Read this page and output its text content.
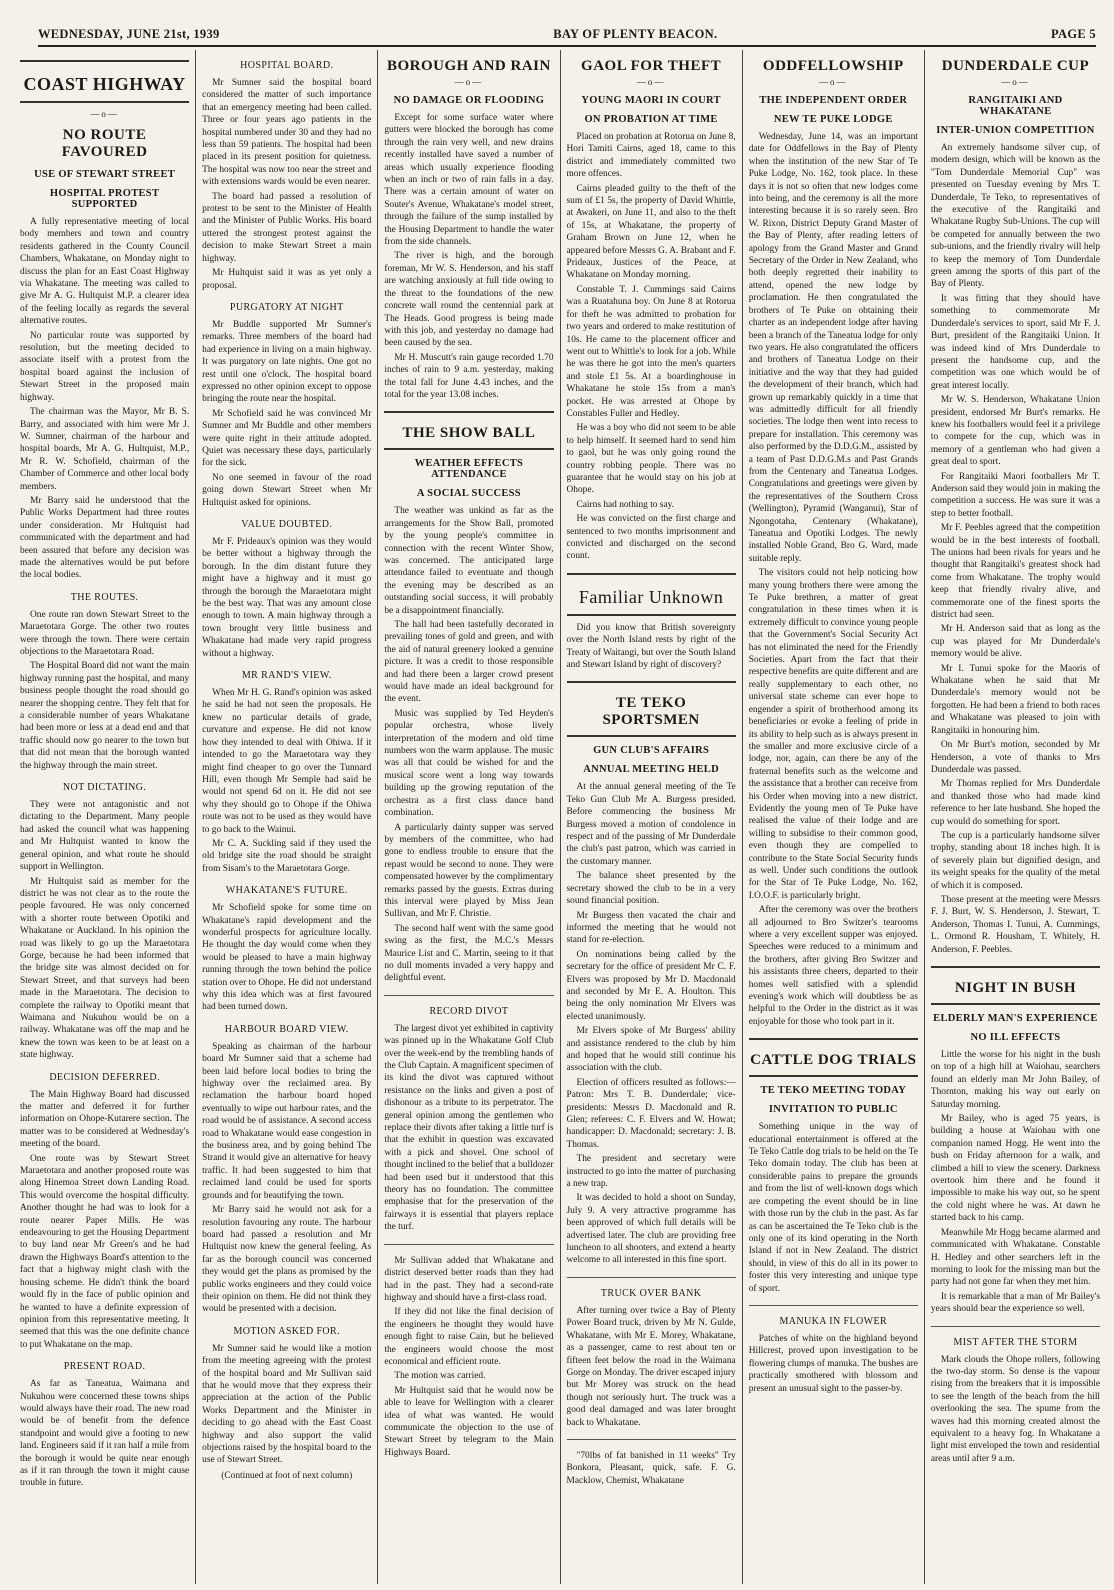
WEDNESDAY, JUNE 21st, 1939	BAY OF PLENTY BEACON.	PAGE 5
COAST HIGHWAY
—o—
NO ROUTE FAVOURED
USE OF STEWART STREET
HOSPITAL PROTEST SUPPORTED

A fully representative meeting of local body members and town and country residents gathered in the County Council Chambers, Whakatane, on Monday night to discuss the plan for an East Coast Highway via Whakatane. The meeting was called to give Mr A. G. Hultquist M.P. a clearer idea of the feeling locally as regards the several alternative routes.

No particular route was supported by resolution, but the meeting decided to associate itself with a protest from the hospital board against the inclusion of Stewart Street in the proposed main highway.

The chairman was the Mayor, Mr B. S. Barry, and associated with him were Mr J. W. Sumner, chairman of the harbour and hospital boards, Mr A. G. Hultquist, M.P., Mr R. W. Schofield, chairman of the Chamber of Commerce and other local body members.

Mr Barry said he understood that the Public Works Department had three routes under consideration. Mr Hultquist had communicated with the department and had been assured that before any decision was made the alternatives would be put before the local bodies.

THE ROUTES.

One route ran down Stewart Street to the Maraetotara Gorge. The other two routes were through the town. There were certain objections to the Maraetotara Road.

The Hospital Board did not want the main highway running past the hospital, and many business people thought the road should go nearer the shopping centre. They felt that for a considerable number of years Whakatane had been more or less at a dead end and that traffic should now go nearer to the town but that did not mean that the borough wanted the highway through the main street.

NOT DICTATING.

They were not antagonistic and not dictating to the Department. Many people had asked the council what was happening and Mr Hultquist wanted to know the general opinion, and what route he should support in Wellington.

Mr Hultquist said as member for the district he was not clear as to the route the people favoured. He was only concerned with a shorter route between Opotiki and Whakatane or Auckland. In his opinion the road was likely to go up the Maraetotara Gorge, because he had been informed that the bridge site was almost decided on for Stewart Street, and that surveys had been made in the Maraetotara. The decision to complete the railway to Opotiki meant that Waimana and Nukuhou would be on a railway. Whakatane was off the map and he knew the town was keen to be at least on a state highway.

DECISION DEFERRED.

The Main Highway Board had discussed the matter and deferred it for further information on Ohope-Kutarere section. The matter was to be considered at Wednesday's meeting of the board.

One route was by Stewart Street Maraetotara and another proposed route was along Hinemoa Street down Landing Road. This would overcome the hospital difficulty. Another thought he had was to look for a route nearer Paper Mills. He was endeavouring to get the Housing Department to buy land near Mr Green's and he had drawn the Highways Board's attention to the fact that a highway might clash with the housing scheme. He didn't think the board would fly in the face of public opinion and he wanted to have a definite expression of opinion from this representative meeting. It seemed that this was the one definite chance to put Whakatane on the map.

PRESENT ROAD.

As far as Taneatua, Waimana and Nukuhou were concerned these towns ships would always have their road. The new road would be of benefit from the defence standpoint and would give a footing to new land. Engineers said if it ran half a mile from the borough it would be quite near enough as if it ran through the town it might cause trouble in future.

HOSPITAL BOARD.

Mr Sumner said the hospital board considered the matter of such importance that an emergency meeting had been called. Three or four years ago patients in the hospital numbered under 30 and they had no less than 59 patients. The hospital had been placed in its present position for quietness. The hospital was now too near the street and with extensions wards would be even nearer.

The board had passed a resolution of protest to be sent to the Minister of Health and the Minister of Public Works. His board uttered the strongest protest against the decision to make Stewart Street a main highway.

Mr Hultquist said it was as yet only a proposal.

PURGATORY AT NIGHT

Mr Buddle supported Mr Sumner's remarks. Three members of the board had had experience in living on a main highway. It was purgatory on late nights. One got no rest until one o'clock. The hospital board expressed no other opinion except to oppose bringing the route near the hospital.

Mr Schofield said he was convinced Mr Sumner and Mr Buddle and other members were quite right in their attitude adopted. Quiet was necessary these days, particularly for the sick.

No one seemed in favour of the road going down Stewart Street when Mr Hultquist asked for opinions.

VALUE DOUBTED.

Mr F. Prideaux's opinion was they would be better without a highway through the borough. In the dim distant future they might have a highway and it must go through the borough the Maraetotara might be the best way. That was any amount close enough to town. A main highway through a town brought very little business and Whakatane had made very rapid progress without a highway.

MR RAND'S VIEW.

When Mr H. G. Rand's opinion was asked he said he had not seen the proposals. He knew no particular details of grade, curvature and expense. He did not know how they intended to deal with Ohiwa. If it intended to go the Maraetotara way they might find cheaper to go over the Tunnard Hill, even though Mr Semple had said he would not spend 6d on it. He did not see why they should go to Ohope if the Ohiwa route was not to be used as they would have to go back to the Wainui.

Mr C. A. Suckling said if they used the old bridge site the road should be straight from Sisam's to the Maraetotara Gorge.

WHAKATANE'S FUTURE.

Mr Schofield spoke for some time on Whakatane's rapid development and the wonderful prospects for agriculture locally. He thought the day would come when they would be pleased to have a main highway running through the town behind the police station over to Ohope. He did not understand why this idea which was at first favoured had been turned down.

HARBOUR BOARD VIEW.

Speaking as chairman of the harbour board Mr Sumner said that a scheme had been laid before local bodies to bring the highway over the reclaimed area. By reclamation the harbour board hoped eventually to wipe out harbour rates, and the road would be of assistance. A second access road to Whakatane would ease congestion in the business area, and by going behind The Strand it would give an alternative for heavy traffic. It had been suggested to him that reclaimed land could be used for sports grounds and for beautifying the town.

Mr Barry said he would not ask for a resolution favouring any route. The harbour board had passed a resolution and Mr Hultquist now knew the general feeling. As far as the borough council was concerned they would get the plans as promised by the public works engineers and they could voice their opinion on them. He did not think they would be presented with a decision.

MOTION ASKED FOR.

Mr Sumner said he would like a motion from the meeting agreeing with the protest of the hospital board and Mr Sullivan said that he would move that they express their appreciation at the action of the Public Works Department and the Minister in deciding to go ahead with the East Coast highway and also support the valid objections raised by the hospital board to the use of Stewart Street.

(Continued at foot of next column)
BOROUGH AND RAIN
—o—
NO DAMAGE OR FLOODING

Except for some surface water where gutters were blocked the borough has come through the rain very well, and new drains recently installed have saved a number of areas which usually experience flooding when an inch or two of rain falls in a day. There was a certain amount of water on Souter's Avenue, Whakatane's model street, through the failure of the sump installed by the Housing Department to handle the water from the side channels.

The river is high, and the borough foreman, Mr W. S. Henderson, and his staff are watching anxiously at full tide owing to the threat to the foundations of the new concrete wall round the centennial park at The Heads. Good progress is being made with this job, and yesterday no damage had been caused by the sea.

Mr H. Muscutt's rain gauge recorded 1.70 inches of rain to 9 a.m. yesterday, making the total fall for June 4.43 inches, and the total for the year 13.08 inches.

THE SHOW BALL
WEATHER EFFECTS ATTENDANCE
A SOCIAL SUCCESS

The weather was unkind as far as the arrangements for the Show Ball, promoted by the young people's committee in connection with the recent Winter Show, was concerned. The anticipated large attendance failed to eventuate and though the evening may be described as an outstanding social success, it will probably be a disappointment financially.

The hall had been tastefully decorated in prevailing tones of gold and green, and with the aid of natural greenery looked a genuine picture. It was a credit to those responsible and had there been a larger crowd present would have made an ideal background for the event.

Music was supplied by Ted Heyden's popular orchestra, whose lively interpretation of the modern and old time numbers won the warm applause. The music was all that could be wished for and the musical score went a long way towards building up the growing reputation of the orchestra as a first class dance band combination.

A particularly dainty supper was served by members of the committee, who had gone to endless trouble to ensure that the repast would be second to none. They were compensated however by the complimentary remarks passed by the guests. Extras during this interval were played by Miss Jean Sullivan, and Mr F. Christie.

The second half went with the same good swing as the first, the M.C.'s Messrs Maurice List and C. Martin, seeing to it that no dull moments invaded a very happy and delightful event.

RECORD DIVOT

The largest divot yet exhibited in captivity was pinned up in the Whakatane Golf Club over the week-end by the trembling hands of the Club Captain. A magnificent specimen of its kind the divot was captured without resistance on the links and given a post of dishonour as a tribute to its perpetrator. The general opinion among the gentlemen who replace their divots after taking a little turf is that the exhibit in question was excavated with a pick and shovel. One school of thought inclined to the belief that a bulldozer had been used but it understood that this theory has no foundation. The committee emphasise that for the preservation of the fairways it is essential that players replace the turf.

Mr Sullivan added that Whakatane and district deserved better roads than they had had in the past. They had a second-rate highway and should have a first-class road.

If they did not like the final decision of the engineers he thought they would have enough fight to raise Cain, but he believed the engineers would choose the most economical and efficient route.

The motion was carried.

Mr Hultquist said that he would now be able to leave for Wellington with a clearer idea of what was wanted. He would communicate the objection to the use of Stewart Street by telegram to the Main Highways Board.

GAOL FOR THEFT
—o—
YOUNG MAORI IN COURT
ON PROBATION AT TIME

Placed on probation at Rotorua on June 8, Hori Tamiti Cairns, aged 18, came to this district and immediately committed two more offences.

Cairns pleaded guilty to the theft of the sum of £1 5s, the property of David Whittle, at Awakeri, on June 11, and also to the theft of 15s, at Whakatane, the property of Graham Brown on June 12, when he appeared before Messrs G. A. Brabant and F. Prideaux, Justices of the Peace, at Whakatane on Monday morning.

Constable T. J. Cummings said Cairns was a Ruatahuna boy. On June 8 at Rotorua for theft he was admitted to probation for two years and ordered to make restitution of 10s. He came to the placement officer and went out to Whittle's to look for a job. While he was there he got into the men's quarters and stole £1 5s. At a boardinghouse in Whakatane he stole 15s from a man's pocket. He was arrested at Ohope by Constables Fuller and Hedley.

He was a boy who did not seem to be able to help himself. It seemed hard to send him to gaol, but he was only going round the country robbing people. There was no guarantee that he would stay on his job at Ohope.

Cairns had nothing to say.

He was convicted on the first charge and sentenced to two months imprisonment and convicted and discharged on the second count.

Familiar Unknown

Did you know that British sovereignty over the North Island rests by right of the Treaty of Waitangi, but over the South Island and Stewart Island by right of discovery?

TE TEKO SPORTSMEN
GUN CLUB'S AFFAIRS
ANNUAL MEETING HELD

At the annual general meeting of the Te Teko Gun Club Mr A. Burgess presided. Before commencing the business Mr Burgess moved a motion of condolence in respect and of the passing of Mr Dunderdale the club's past patron, which was carried in the customary manner.

The balance sheet presented by the secretary showed the club to be in a very sound financial position.

Mr Burgess then vacated the chair and informed the meeting that he would not stand for re-election.

On nominations being called by the secretary for the office of president Mr C. F. Elvers was proposed by Mr D. Macdonald and seconded by Mr E. A. Houlton. This being the only nomination Mr Elvers was elected unanimously.

Mr Elvers spoke of Mr Burgess' ability and assistance rendered to the club by him and hoped that he would still continue his association with the club.

Election of officers resulted as follows:—Patron: Mrs T. B. Dunderdale; vice-presidents: Messrs D. Macdonald and R. Glen; referees: C. F. Elvers and W. Howat; handicapper: D. Macdonald; secretary: J. B. Thomas.

The president and secretary were instructed to go into the matter of purchasing a new trap.

It was decided to hold a shoot on Sunday, July 9. A very attractive programme has been approved of which full details will be advertised later. The club are providing free luncheon to all shooters, and extend a hearty welcome to all interested in this fine sport.

TRUCK OVER BANK

After turning over twice a Bay of Plenty Power Board truck, driven by Mr N. Gulde, Whakatane, with Mr E. Morey, Whakatane, as a passenger, came to rest about ten or fifteen feet below the road in the Waimana Gorge on Monday. The driver escaped injury but Mr Morey was struck on the head though not seriously hurt. The truck was a good deal damaged and was later brought back to Whakatane.

"70lbs of fat banished in 11 weeks" Try Bonkora, Pleasant, quick, safe. F. G. Macklow, Chemist, Whakatane

ODDFELLOWSHIP
—o—
THE INDEPENDENT ORDER
NEW TE PUKE LODGE

Wednesday, June 14, was an important date for Oddfellows in the Bay of Plenty when the institution of the new Star of Te Puke Lodge, No. 162, took place. In these days it is not so often that new lodges come into being, and the ceremony is all the more interesting because it is so rarely seen. Bro W. Rixon, District Deputy Grand Master of the Bay of Plenty, after reading letters of apology from the Grand Master and Grand Secretary of the Order in New Zealand, who both deeply regretted their inability to attend, opened the new lodge by proclamation. He then congratulated the brothers of Te Puke on obtaining their charter as an independent lodge after having been a branch of the Taneatua lodge for only two years. He also congratulated the officers and brothers of Taneatua Lodge on their initiative and the way that they had guided the development of their branch, which had grown up remarkably quickly in a time that was admittedly difficult for all friendly societies. The lodge then went into recess to prepare for installation. This ceremony was also performed by the D.D.G.M., assisted by a team of Past D.D.G.M.s and Past Grands from the Centenary and Taneatua Lodges. Congratulations and greetings were given by the representatives of the Southern Cross (Wellington), Pyramid (Wanganui), Star of Ngongotaha, Centenary (Whakatane), Taneatua and Opotiki Lodges. The newly installed Noble Grand, Bro G. Ward, made suitable reply.

The visitors could not help noticing how many young brothers there were among the Te Puke brethren, a matter of great congratulation in these times when it is extremely difficult to convince young people that the Government's Social Security Act has not eliminated the need for the Friendly Societies. Apart from the fact that their respective benefits are quite different and are really supplementary to each other, no universal state scheme can ever hope to engender a spirit of brotherhood among its beneficiaries or evoke a feeling of pride in its ability to help such as is always present in the smaller and more exclusive circle of a lodge, nor, again, can there be any of the fraternal benefits such as the welcome and the assistance that a brother can receive from his Order when moving into a new district. Evidently the young men of Te Puke have realised the value of their lodge and are willing to subsidise to their common good, even though they are compelled to contribute to the State Social Security funds as well. Under such conditions the outlook for the Star of Te Puke Lodge, No. 162, I.O.O.F. is particularly bright.

After the ceremony was over the brothers all adjourned to Bro Switzer's tearooms where a very excellent supper was enjoyed. Speeches were reduced to a minimum and the brothers, after giving Bro Switzer and his assistants three cheers, departed to their homes well satisfied with a splendid evening's work which will doubtless be as helpful to the Order in the district as it was enjoyable for those who took part in it.

CATTLE DOG TRIALS
TE TEKO MEETING TODAY
INVITATION TO PUBLIC

Something unique in the way of educational entertainment is offered at the Te Teko Cattle dog trials to be held on the Te Teko domain today. The club has been at considerable pains to prepare the grounds and from the list of well-known dogs which are competing the event should be in line with those run by the club in the past. As far as can be ascertained the Te Teko club is the only one of its kind operating in the North Island if not in New Zealand. The district should, in view of this do all in its power to foster this very interesting and unique type of sport.

MANUKA IN FLOWER

Patches of white on the highland beyond Hillcrest, proved upon investigation to be flowering clumps of manuka. The bushes are practically smothered with blossom and present an unusual sight to the passer-by.

DUNDERDALE CUP
—o—
RANGITAIKI AND WHAKATANE
INTER-UNION COMPETITION

An extremely handsome silver cup, of modern design, which will be known as the "Tom Dunderdale Memorial Cup" was presented on Tuesday evening by Mrs T. Dunderdale, Te Teko, to representatives of the executive of the Rangitaiki and Whakatane Rugby Sub-Unions. The cup will be competed for annually between the two sub-unions, and the friendly rivalry will help to keep the memory of Tom Dunderdale green among the sports of this part of the Bay of Plenty.

It was fitting that they should have something to commemorate Mr Dunderdale's services to sport, said Mr F. J. Burt, president of the Rangitaiki Union. It was indeed kind of Mrs Dunderdale to present the handsome cup, and the competition was one which would be of great interest locally.

Mr W. S. Henderson, Whakatane Union president, endorsed Mr Burt's remarks. He knew his footballers would feel it a privilege to compete for the cup, which was in memory of a gentleman who had given a great deal to sport.

For Rangitaiki Maori footballers Mr T. Anderson said they would join in making the competition a success. He was sure it was a step to better football.

Mr F. Peebles agreed that the competition would be in the best interests of football. The unions had been rivals for years and he thought that Rangitaiki's greatest shock had come from Whakatane. The trophy would keep that friendly rivalry alive, and commemorate one of the finest sports the district had seen.

Mr H. Anderson said that as long as the cup was played for Mr Dunderdale's memory would be alive.

Mr I. Tunui spoke for the Maoris of Whakatane when he said that Mr Dunderdale's memory would not be forgotten. He had been a friend to both races and Whakatane was pleased to join with Rangitaiki in honouring him.

On Mr Burt's motion, seconded by Mr Henderson, a vote of thanks to Mrs Dunderdale was passed.

Mr Thomas replied for Mrs Dunderdale and thanked those who had made kind reference to her late husband. She hoped the cup would do something for sport.

The cup is a particularly handsome silver trophy, standing about 18 inches high. It is of severely plain but dignified design, and its weight speaks for the quality of the metal of which it is composed.

Those present at the meeting were Messrs F. J. Burt, W. S. Henderson, J. Stewart, T. Anderson, Thomas I. Tunui, A. Cummings, L. Ormond R. Housham, T. Whitely, H. Anderson, F. Peebles.

NIGHT IN BUSH
ELDERLY MAN'S EXPERIENCE
NO ILL EFFECTS

Little the worse for his night in the bush on top of a high hill at Waiohau, searchers found an elderly man Mr John Bailey, of Thornton, making his way out early on Saturday morning.

Mr Bailey, who is aged 75 years, is building a house at Waiohau with one companion named Hogg. He went into the bush on Friday afternoon for a walk, and climbed a hill to view the scenery. Darkness overtook him there and he found it impossible to make his way out, so he spent the cold night where he was. At dawn he started back to his camp.

Meanwhile Mr Hogg became alarmed and communicated with Whakatane. Constable H. Hedley and other searchers left in the morning to look for the missing man but the party had not gone far when they met him.

It is remarkable that a man of Mr Bailey's years should bear the experience so well.

MIST AFTER THE STORM

Mark clouds the Ohope rollers, following the two-day storm. So dense is the vapour rising from the breakers that it is impossible to see the length of the beach from the hill overlooking the sea. The spume from the waves had this morning created almost the equivalent to a heavy fog. In Whakatane a light mist enveloped the town and residential areas until after 9 a.m.
